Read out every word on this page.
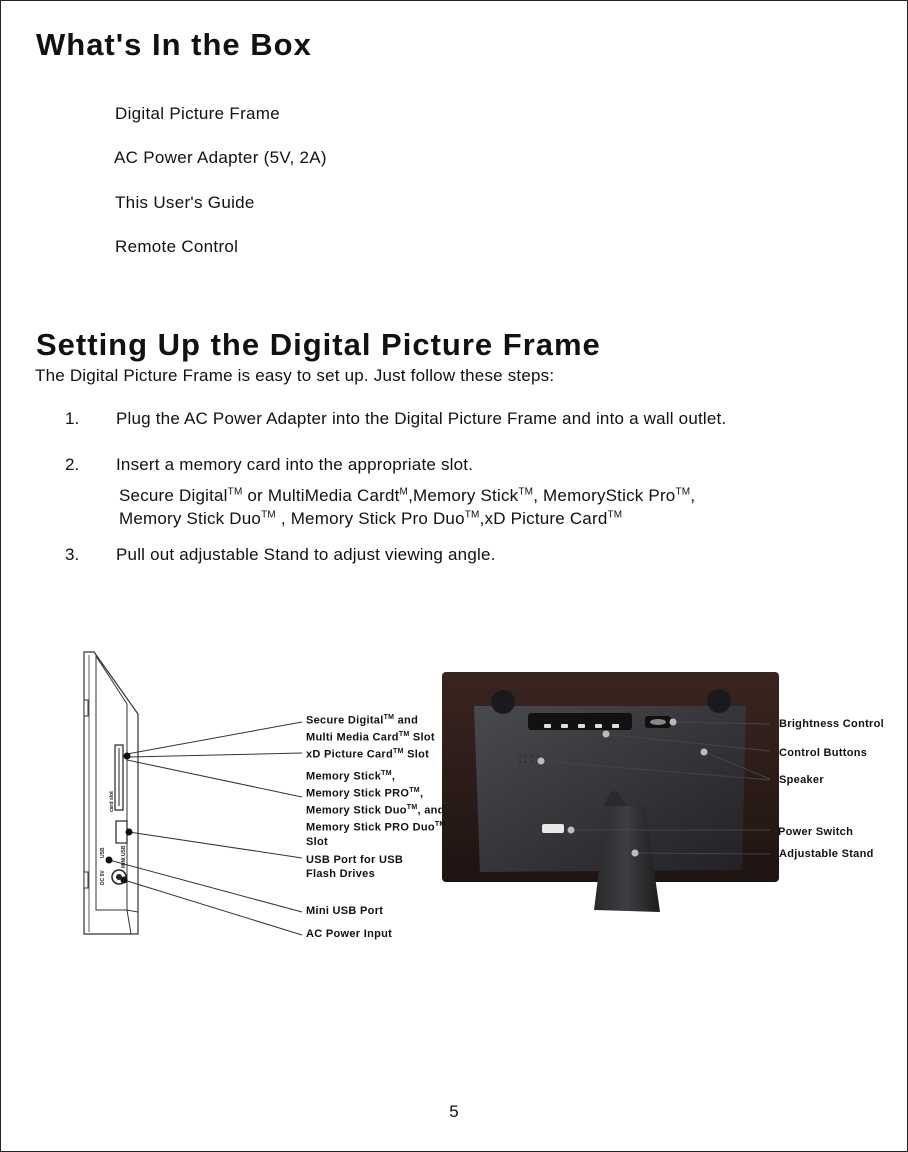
What's In the Box
Digital Picture Frame
AC Power Adapter (5V, 2A)
This User's Guide
Remote Control
Setting Up the Digital Picture Frame
The Digital Picture Frame is easy to set up. Just follow these steps:
1. Plug the AC Power Adapter into the Digital Picture Frame and into a wall outlet.
2. Insert a memory card into the appropriate slot.
Secure Digital™ or MultiMedia Cardt$^M$,Memory Stick™, MemoryStick Pro™,
Memory Stick Duo™ , Memory Stick Pro Duo™,xD Picture Card™
3. Pull out adjustable Stand to adjust viewing angle.
card slot
USB
DC 5V
MINI USB
Secure Digital™ and
Multi Media Card™ Slot
xD Picture Card™ Slot
Memory Stick™,
Memory Stick PRO™,
Memory Stick Duo™, and
Memory Stick PRO Duo™
Slot
USB Port for USB
Flash Drives
Mini USB Port
AC Power Input
Brightness Control
Control Buttons
Speaker
Power Switch
Adjustable Stand
5
